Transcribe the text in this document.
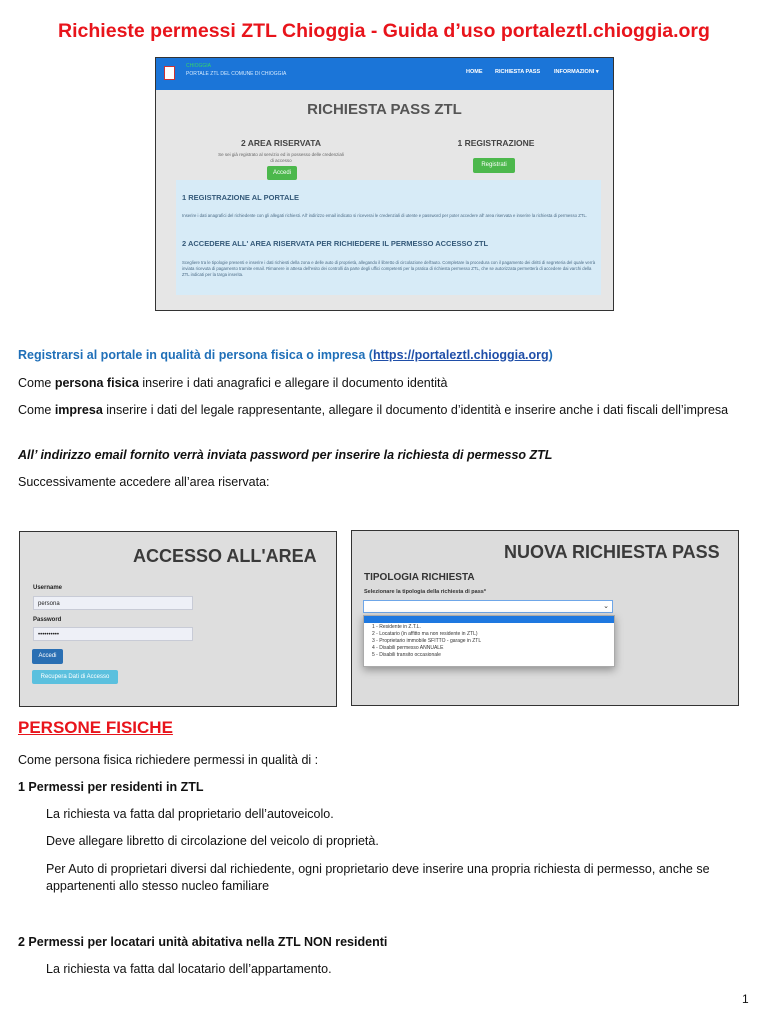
Richieste permessi ZTL Chioggia - Guida d’uso portaleztl.chioggia.org
CHIOGGIA
PORTALE ZTL DEL COMUNE DI CHIOGGIA	HOME RICHIESTA PASS	INFORMAZIONI ▾
RICHIESTA PASS ZTL
2 AREA RISERVATA
Se sei già registrato al servizio ed in possesso delle credenziali di accesso
Accedi
1 REGISTRAZIONE
Registrati
1 REGISTRAZIONE AL PORTALE
Inserire i dati anagrafici del richiedente con gli allegati richiesti. All' indirizzo email indicato si riceverai le credenziali di utente e password per poter accedere all' area riservata e inserire la richiesta di permesso ZTL.
2 ACCEDERE ALL' AREA RISERVATA PER RICHIEDERE IL PERMESSO ACCESSO ZTL
Scegliere tra le tipologie presenti e inserire i dati richiesti della zona e delle auto di proprietà, allegando il libretto di circolazione dell'auto. Completare la procedura con il pagamento dei diritti di segreteria del quale verrà inviata ricevuta di pagamento tramite email. Rimanere in attesa dell'esito dei controlli da parte degli uffici competenti per la pratica di richiesta permesso ZTL, che se autorizzata permetterà di accedere dai varchi della ZTL indicati per la targa inserita.
Registrarsi al portale in qualità di persona fisica o impresa (https://portaleztl.chioggia.org)
Come persona fisica inserire i dati anagrafici e allegare il documento identità
Come impresa inserire i dati del legale rappresentante, allegare il documento d’identità e inserire anche i dati fiscali dell’impresa
All’ indirizzo email fornito verrà inviata password per inserire la richiesta di permesso ZTL
Successivamente accedere all’area riservata:
ACCESSO ALL'AREA
Username
persona
Password
••••••••••
Accedi
Recupera Dati di Accesso
NUOVA RICHIESTA PASS
TIPOLOGIA RICHIESTA
Selezionare la tipologia della richiesta di pass*
⌄
1 - Residente in Z.T.L.
2 - Locatario (in affitto ma non residente in ZTL)
3 - Proprietario immobile SFITTO - garage in ZTL
4 - Disabili permesso ANNUALE
5 - Disabili transito occasionale
PERSONE FISICHE
Come persona fisica richiedere permessi in qualità di :
1 Permessi per residenti in ZTL
La richiesta va fatta dal proprietario dell’autoveicolo.
Deve allegare libretto di circolazione del veicolo di proprietà.
Per Auto di proprietari diversi dal richiedente, ogni proprietario deve inserire una propria richiesta di permesso, anche se appartenenti allo stesso nucleo familiare
2 Permessi per locatari unità abitativa nella ZTL NON residenti
La richiesta va fatta dal locatario dell’appartamento.
1
